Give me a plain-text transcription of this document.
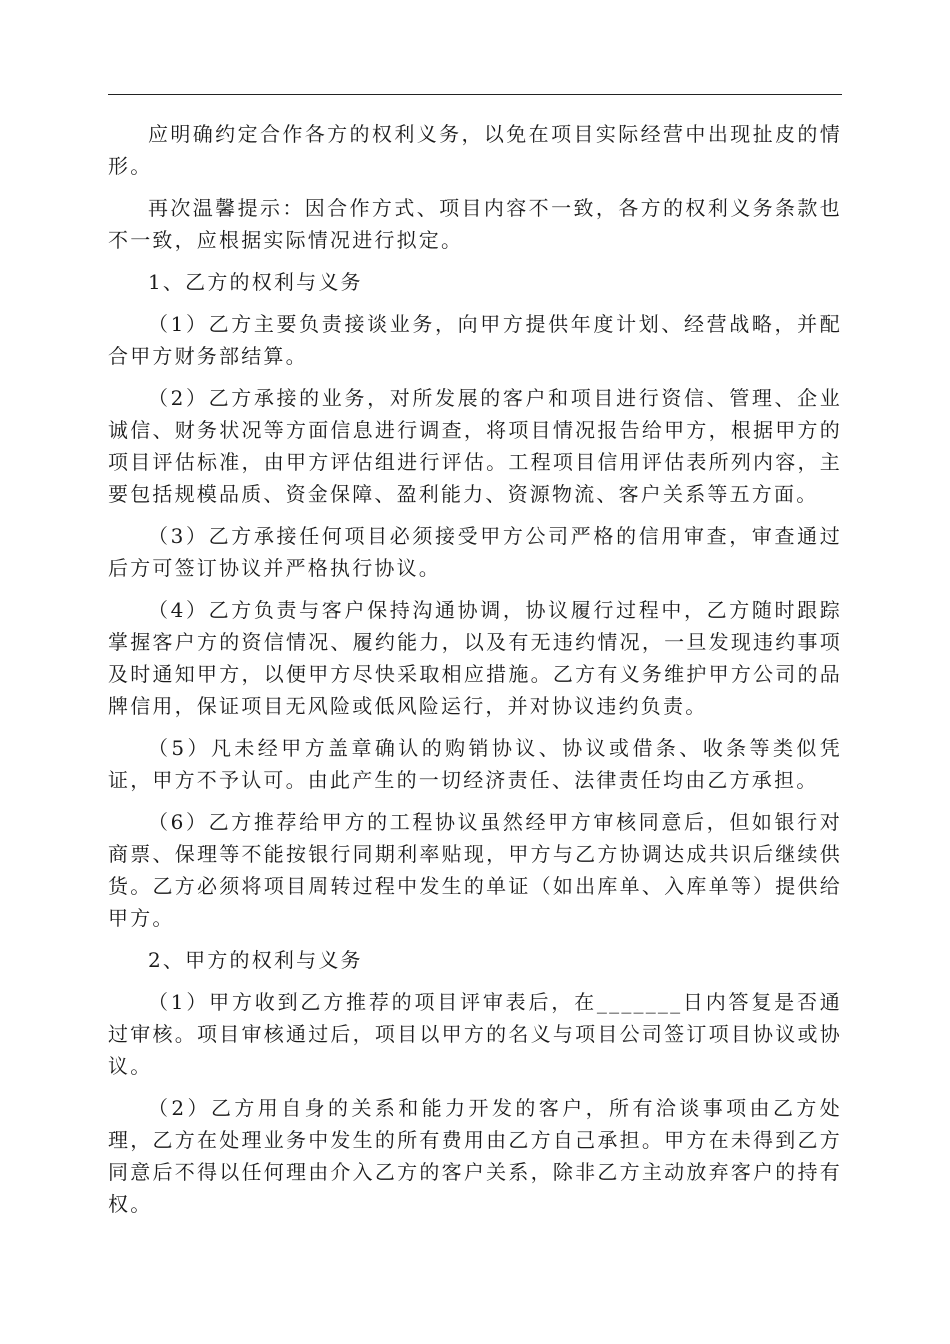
应明确约定合作各方的权利义务，以免在项目实际经营中出现扯皮的情形。

再次温馨提示：因合作方式、项目内容不一致，各方的权利义务条款也不一致，应根据实际情况进行拟定。

1、乙方的权利与义务

（1）乙方主要负责接谈业务，向甲方提供年度计划、经营战略，并配合甲方财务部结算。

（2）乙方承接的业务，对所发展的客户和项目进行资信、管理、企业诚信、财务状况等方面信息进行调查，将项目情况报告给甲方，根据甲方的项目评估标准，由甲方评估组进行评估。工程项目信用评估表所列内容，主要包括规模品质、资金保障、盈利能力、资源物流、客户关系等五方面。

（3）乙方承接任何项目必须接受甲方公司严格的信用审查，审查通过后方可签订协议并严格执行协议。

（4）乙方负责与客户保持沟通协调，协议履行过程中，乙方随时跟踪掌握客户方的资信情况、履约能力，以及有无违约情况，一旦发现违约事项及时通知甲方，以便甲方尽快采取相应措施。乙方有义务维护甲方公司的品牌信用，保证项目无风险或低风险运行，并对协议违约负责。

（5）凡未经甲方盖章确认的购销协议、协议或借条、收条等类似凭证，甲方不予认可。由此产生的一切经济责任、法律责任均由乙方承担。

（6）乙方推荐给甲方的工程协议虽然经甲方审核同意后，但如银行对商票、保理等不能按银行同期利率贴现，甲方与乙方协调达成共识后继续供货。乙方必须将项目周转过程中发生的单证（如出库单、入库单等）提供给甲方。

2、甲方的权利与义务

（1）甲方收到乙方推荐的项目评审表后，在_______日内答复是否通过审核。项目审核通过后，项目以甲方的名义与项目公司签订项目协议或协议。

（2）乙方用自身的关系和能力开发的客户，所有洽谈事项由乙方处理，乙方在处理业务中发生的所有费用由乙方自己承担。甲方在未得到乙方同意后不得以任何理由介入乙方的客户关系，除非乙方主动放弃客户的持有权。
